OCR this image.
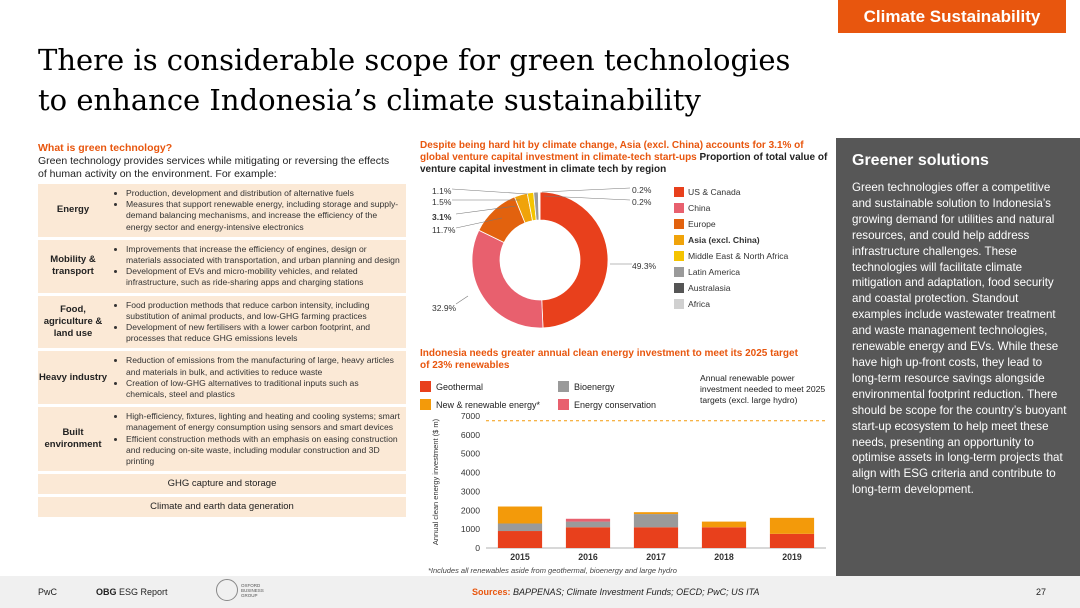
Climate Sustainability
There is considerable scope for green technologies to enhance Indonesia’s climate sustainability
What is green technology?
Green technology provides services while mitigating or reversing the effects of human activity on the environment. For example:
Energy
• Production, development and distribution of alternative fuels
• Measures that support renewable energy, including storage and supply-demand balancing mechanisms, and increase the efficiency of the energy sector and energy-intensive electronics
Mobility & transport
• Improvements that increase the efficiency of engines, design or materials associated with transportation, and urban planning and design
• Development of EVs and micro-mobility vehicles, and related infrastructure, such as ride-sharing apps and charging stations
Food, agriculture & land use
• Food production methods that reduce carbon intensity, including substitution of animal products, and low-GHG farming practices
• Development of new fertilisers with a lower carbon footprint, and processes that reduce GHG emissions levels
Heavy industry
• Reduction of emissions from the manufacturing of large, heavy articles and materials in bulk, and activities to reduce waste
• Creation of low-GHG alternatives to traditional inputs such as chemicals, steel and plastics
Built environment
• High-efficiency, fixtures, lighting and heating and cooling systems; smart management of energy consumption using sensors and smart devices
• Efficient construction methods with an emphasis on easing construction and reducing on-site waste, including modular construction and 3D printing
GHG capture and storage
Climate and earth data generation
Despite being hard hit by climate change, Asia (excl. China) accounts for 3.1% of global venture capital investment in climate-tech start-ups Proportion of total value of venture capital investment in climate tech by region
49.3%
32.9%
11.7%
3.1%
1.5%
1.1%	0.2%
0.2%
US & Canada
China
Europe
Asia (excl. China)
Middle East & North Africa
Latin America
Australasia
Africa
Indonesia needs greater annual clean energy investment to meet its 2025 target of 23% renewables
Geothermal	Bioenergy
New & renewable energy*	Energy conservation
Annual renewable power investment needed to meet 2025 targets (excl. large hydro)
0
1000
2000
3000
4000
5000
6000
7000
Annual clean energy investment ($ m)
2015	2016	2017	2018	2019
*Includes all renewables aside from geothermal, bioenergy and large hydro
Greener solutions

Green technologies offer a competitive and sustainable solution to Indonesia’s growing demand for utilities and natural resources, and could help address infrastructure challenges. These technologies will facilitate climate mitigation and adaptation, food security and coastal protection. Standout examples include wastewater treatment and waste management technologies, renewable energy and EVs. While these have high up-front costs, they lead to long-term resource savings alongside environmental footprint reduction. There should be scope for the country’s buoyant start-up ecosystem to help meet these needs, presenting an opportunity to optimise assets in long-term projects that align with ESG criteria and contribute to long-term development.

PwC	OBG ESG Report
OXFORD BUSINESS GROUP	Sources: BAPPENAS; Climate Investment Funds; OECD; PwC; US ITA	27
